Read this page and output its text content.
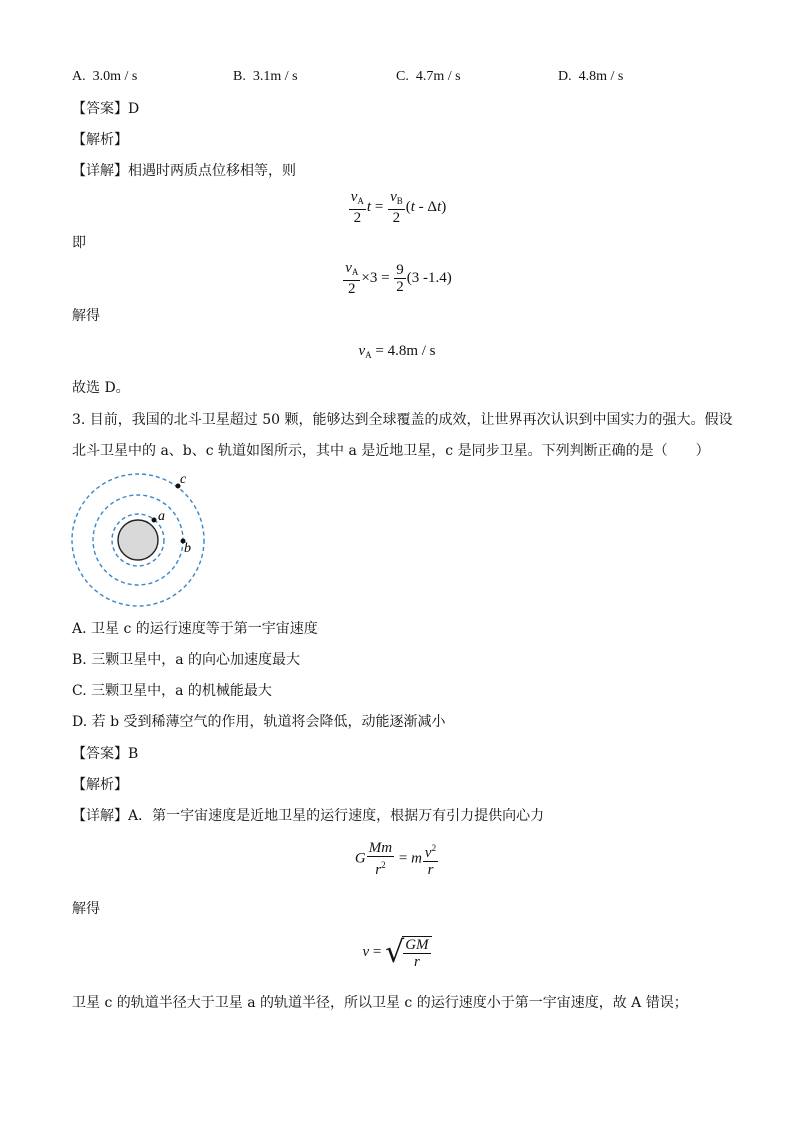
A. 3.0m / s	B. 3.1m / s	C. 4.7m / s	D. 4.8m / s
【答案】D
【解析】
【详解】相遇时两质点位移相等，则
$\frac{v_A}{2}$ $t = \frac{v_B}{2} (t - \Delta t)$
即
$\frac{v_A}{2} \times 3 = \frac{9}{2} (3$ -1.4)
解得
$v_A = 4.8m / s$
故选 D。
3. 目前，我国的北斗卫星超过 50 颗，能够达到全球覆盖的成效，让世界再次认识到中国实力的强大。假设
北斗卫星中的 a、b、c 轨道如图所示，其中 a 是近地卫星，c 是同步卫星。下列判断正确的是（　　）
a
b
c
A. 卫星 c 的运行速度等于第一宇宙速度
B. 三颗卫星中，a 的向心加速度最大
C. 三颗卫星中，a 的机械能最大
D. 若 b 受到稀薄空气的作用，轨道将会降低，动能逐渐减小
【答案】B
【解析】
【详解】A．第一宇宙速度是近地卫星的运行速度，根据万有引力提供向心力
G $\frac{Mm}{r^2} = m \frac{v^2}{r}$
解得
v = √ $\frac{GM}{r}$
卫星 c 的轨道半径大于卫星 a 的轨道半径，所以卫星 c 的运行速度小于第一宇宙速度，故 A 错误；
